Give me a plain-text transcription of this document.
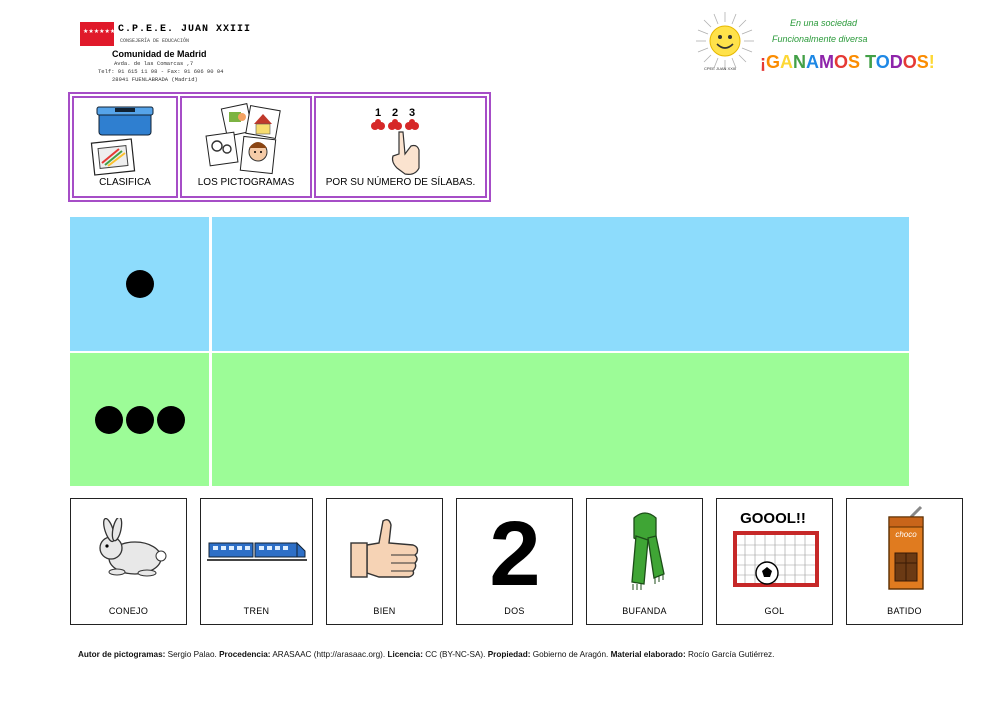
★★★★★★★
C.P.E.E. JUAN XXIII
CONSEJERÍA DE EDUCACIÓN
Comunidad de Madrid
Avda. de las Comarcas ,7
Telf: 91 615 11 98 - Fax: 91 606 90 04
28941 FUENLABRADA (Madrid)
CPEE JUAN XXIII
En una sociedad
Funcionalmente diversa
¡GANAMOS TODOS!
CLASIFICA	LOS PICTOGRAMAS
1 2 3
POR SU NÚMERO DE SÍLABAS.
CONEJO	TREN	BIEN
2
DOS	BUFANDA
GOOOL!!
GOL
choco
BATIDO
Autor de pictogramas: Sergio Palao. Procedencia: ARASAAC (http://arasaac.org). Licencia: CC (BY-NC-SA). Propiedad: Gobierno de Aragón. Material elaborado: Rocío García Gutiérrez.
